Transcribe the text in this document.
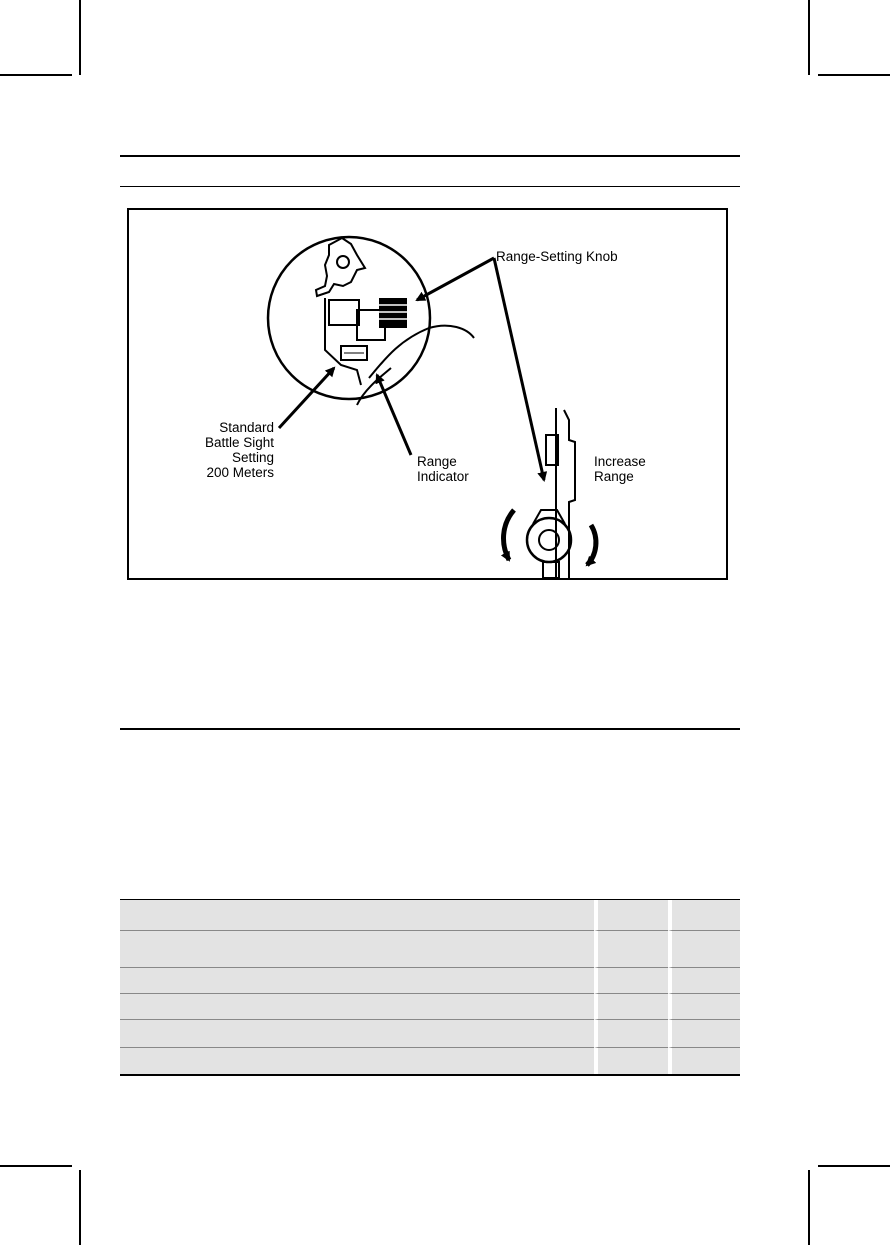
Range-Setting Knob
Standard
Battle Sight
Setting
200 Meters
Range
Indicator
Increase
Range
